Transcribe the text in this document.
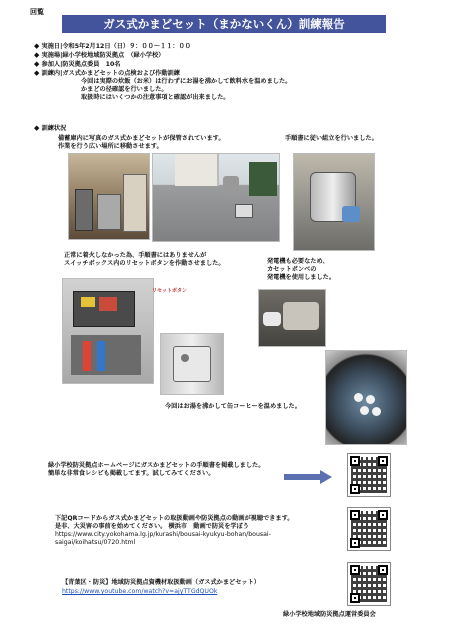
回覧
ガス式かまどセット（まかないくん）訓練報告
◆ 実施日|令和5年2月12日（日）９：００～１１：００
◆ 実施場|緑小学校地域防災拠点　（緑小学校）
◆ 参加人|防災拠点委員　10名
◆ 訓練内|ガス式かまどセットの点検および作動訓練
今回は実際の炊飯（お米）は行わずにお湯を沸かして飲料水を温めました。
かまどの径確認を行いました。
取扱時にはいくつかの注意事項と確認が出来ました。
◆ 訓練状況
備蓄庫内に写真のガス式かまどセットが保管されています。
作業を行う広い場所に移動させます。
手順書に従い組立を行いました。
正常に着火しなかった為、手順書にはありませんが
スイッチボックス内のリセットボタンを作動させました。	発電機も必要なため、
カセットボンベの
発電機を使用しました。
リセットボタン
今回はお湯を沸かして缶コーヒーを温めました。
緑小学校防災拠点ホームページにガスかまどセットの手順書を掲載しました。
簡単な非常食レシピも掲載してます。試してみてください。
下記QRコードからガス式かまどセットの取扱動画や防災拠点の動画が視聴できます。
是非、大災害の事前を始めてください。 横浜市　動画で防災を学ぼう
https://www.city.yokohama.lg.jp/kurashi/bousai-kyukyu-bohan/bousai-
saigai/koihatsu/0720.html
【青葉区・防災】地域防災拠点資機材取扱動画（ガス式かまどセット）
https://www.youtube.com/watch?v=ajyTTGdQUOk
緑小学校地域防災拠点運営委員会
